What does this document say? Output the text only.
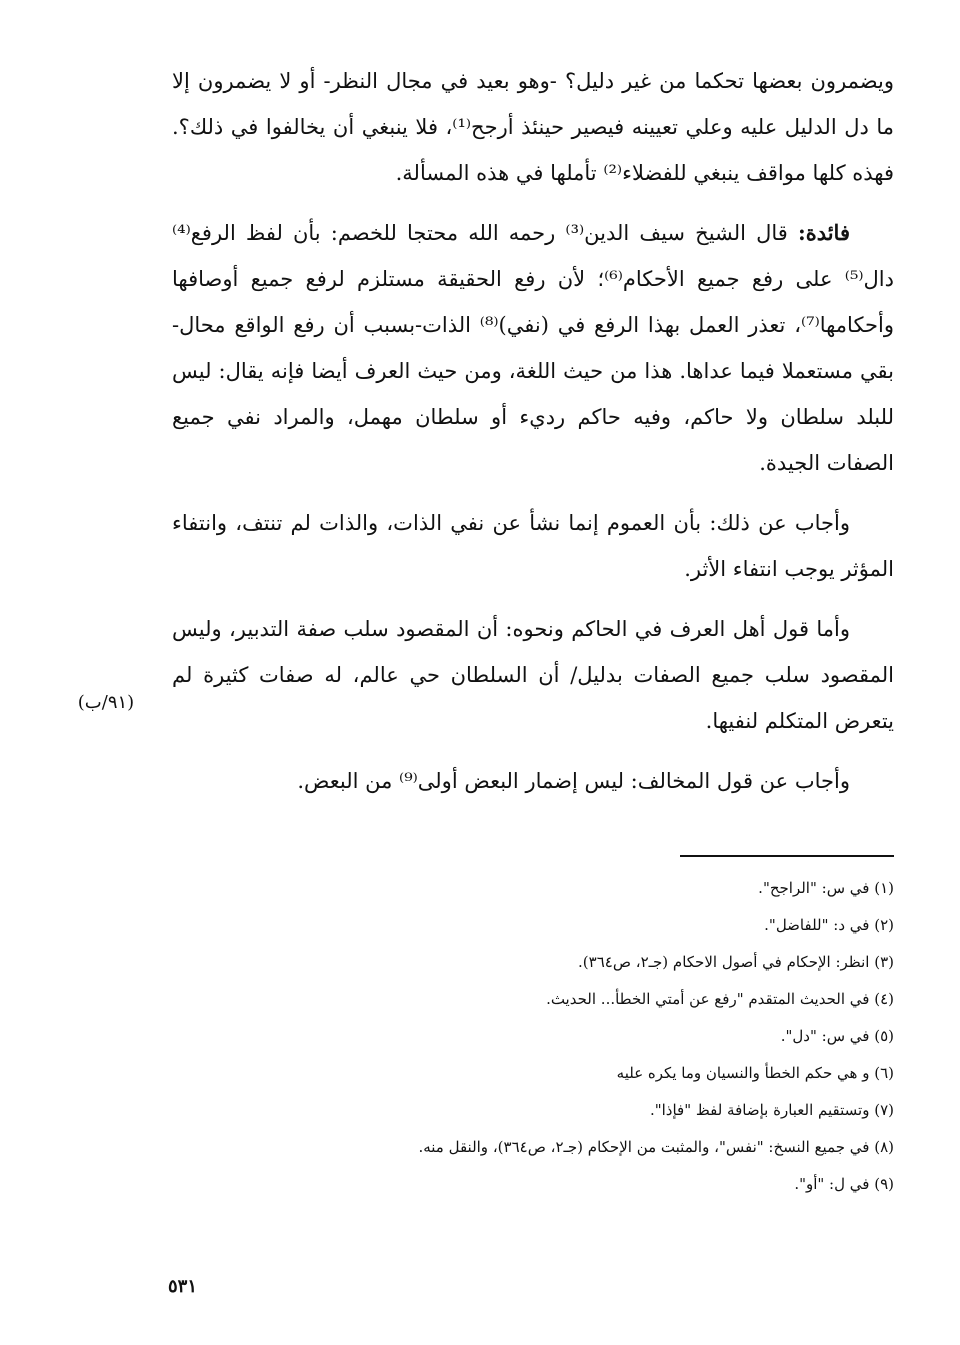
ويضمرون بعضها تحكما من غير دليل؟ -وهو بعيد في مجال النظر- أو لا يضمرون إلا ما دل الدليل عليه وعلي تعيينه فيصير حينئذ أرجح⁽¹⁾، فلا ينبغي أن يخالفوا في ذلك؟. فهذه كلها مواقف ينبغي للفضلاء⁽²⁾ تأملها في هذه المسألة.

فائدة: قال الشيخ سيف الدين⁽³⁾ رحمه الله محتجا للخصم: بأن لفظ الرفع⁽⁴⁾ دال⁽⁵⁾ على رفع جميع الأحكام⁽⁶⁾؛ لأن رفع الحقيقة مستلزم لرفع جميع أوصافها وأحكامها⁽⁷⁾، تعذر العمل بهذا الرفع في (نفي)⁽⁸⁾ الذات-بسبب أن رفع الواقع محال- بقي مستعملا فيما عداها. هذا من حيث اللغة، ومن حيث العرف أيضا فإنه يقال: ليس للبلد سلطان ولا حاكم، وفيه حاكم رديء أو سلطان مهمل، والمراد نفي جميع الصفات الجيدة.

وأجاب عن ذلك: بأن العموم إنما نشأ عن نفي الذات، والذات لم تنتف، وانتفاء المؤثر يوجب انتفاء الأثر.

وأما قول أهل العرف في الحاكم ونحوه: أن المقصود سلب صفة التدبير، وليس المقصود سلب جميع الصفات بدليل/ أن السلطان حي عالم، له صفات كثيرة لم يتعرض المتكلم لنفيها.

وأجاب عن قول المخالف: ليس إضمار البعض أولى⁽⁹⁾ من البعض.

(٩١/ب)
(١) في س: "الراجح".
(٢) في د: "للفاضل".
(٣) انظر: الإحكام في أصول الاحكام (جـ٢، ص٣٦٤).
(٤) في الحديث المتقدم "رفع عن أمتي الخطأ... الحديث.
(٥) في س: "دل".
(٦) و هي حكم الخطأ والنسيان وما يكره عليه
(٧) وتستقيم العبارة بإضافة لفظ "فإذا".
(٨) في جميع النسخ: "نفس"، والمثبت من الإحكام (جـ٢، ص٣٦٤)، والنقل منه.
(٩) في ل: "أو".
٥٣١
